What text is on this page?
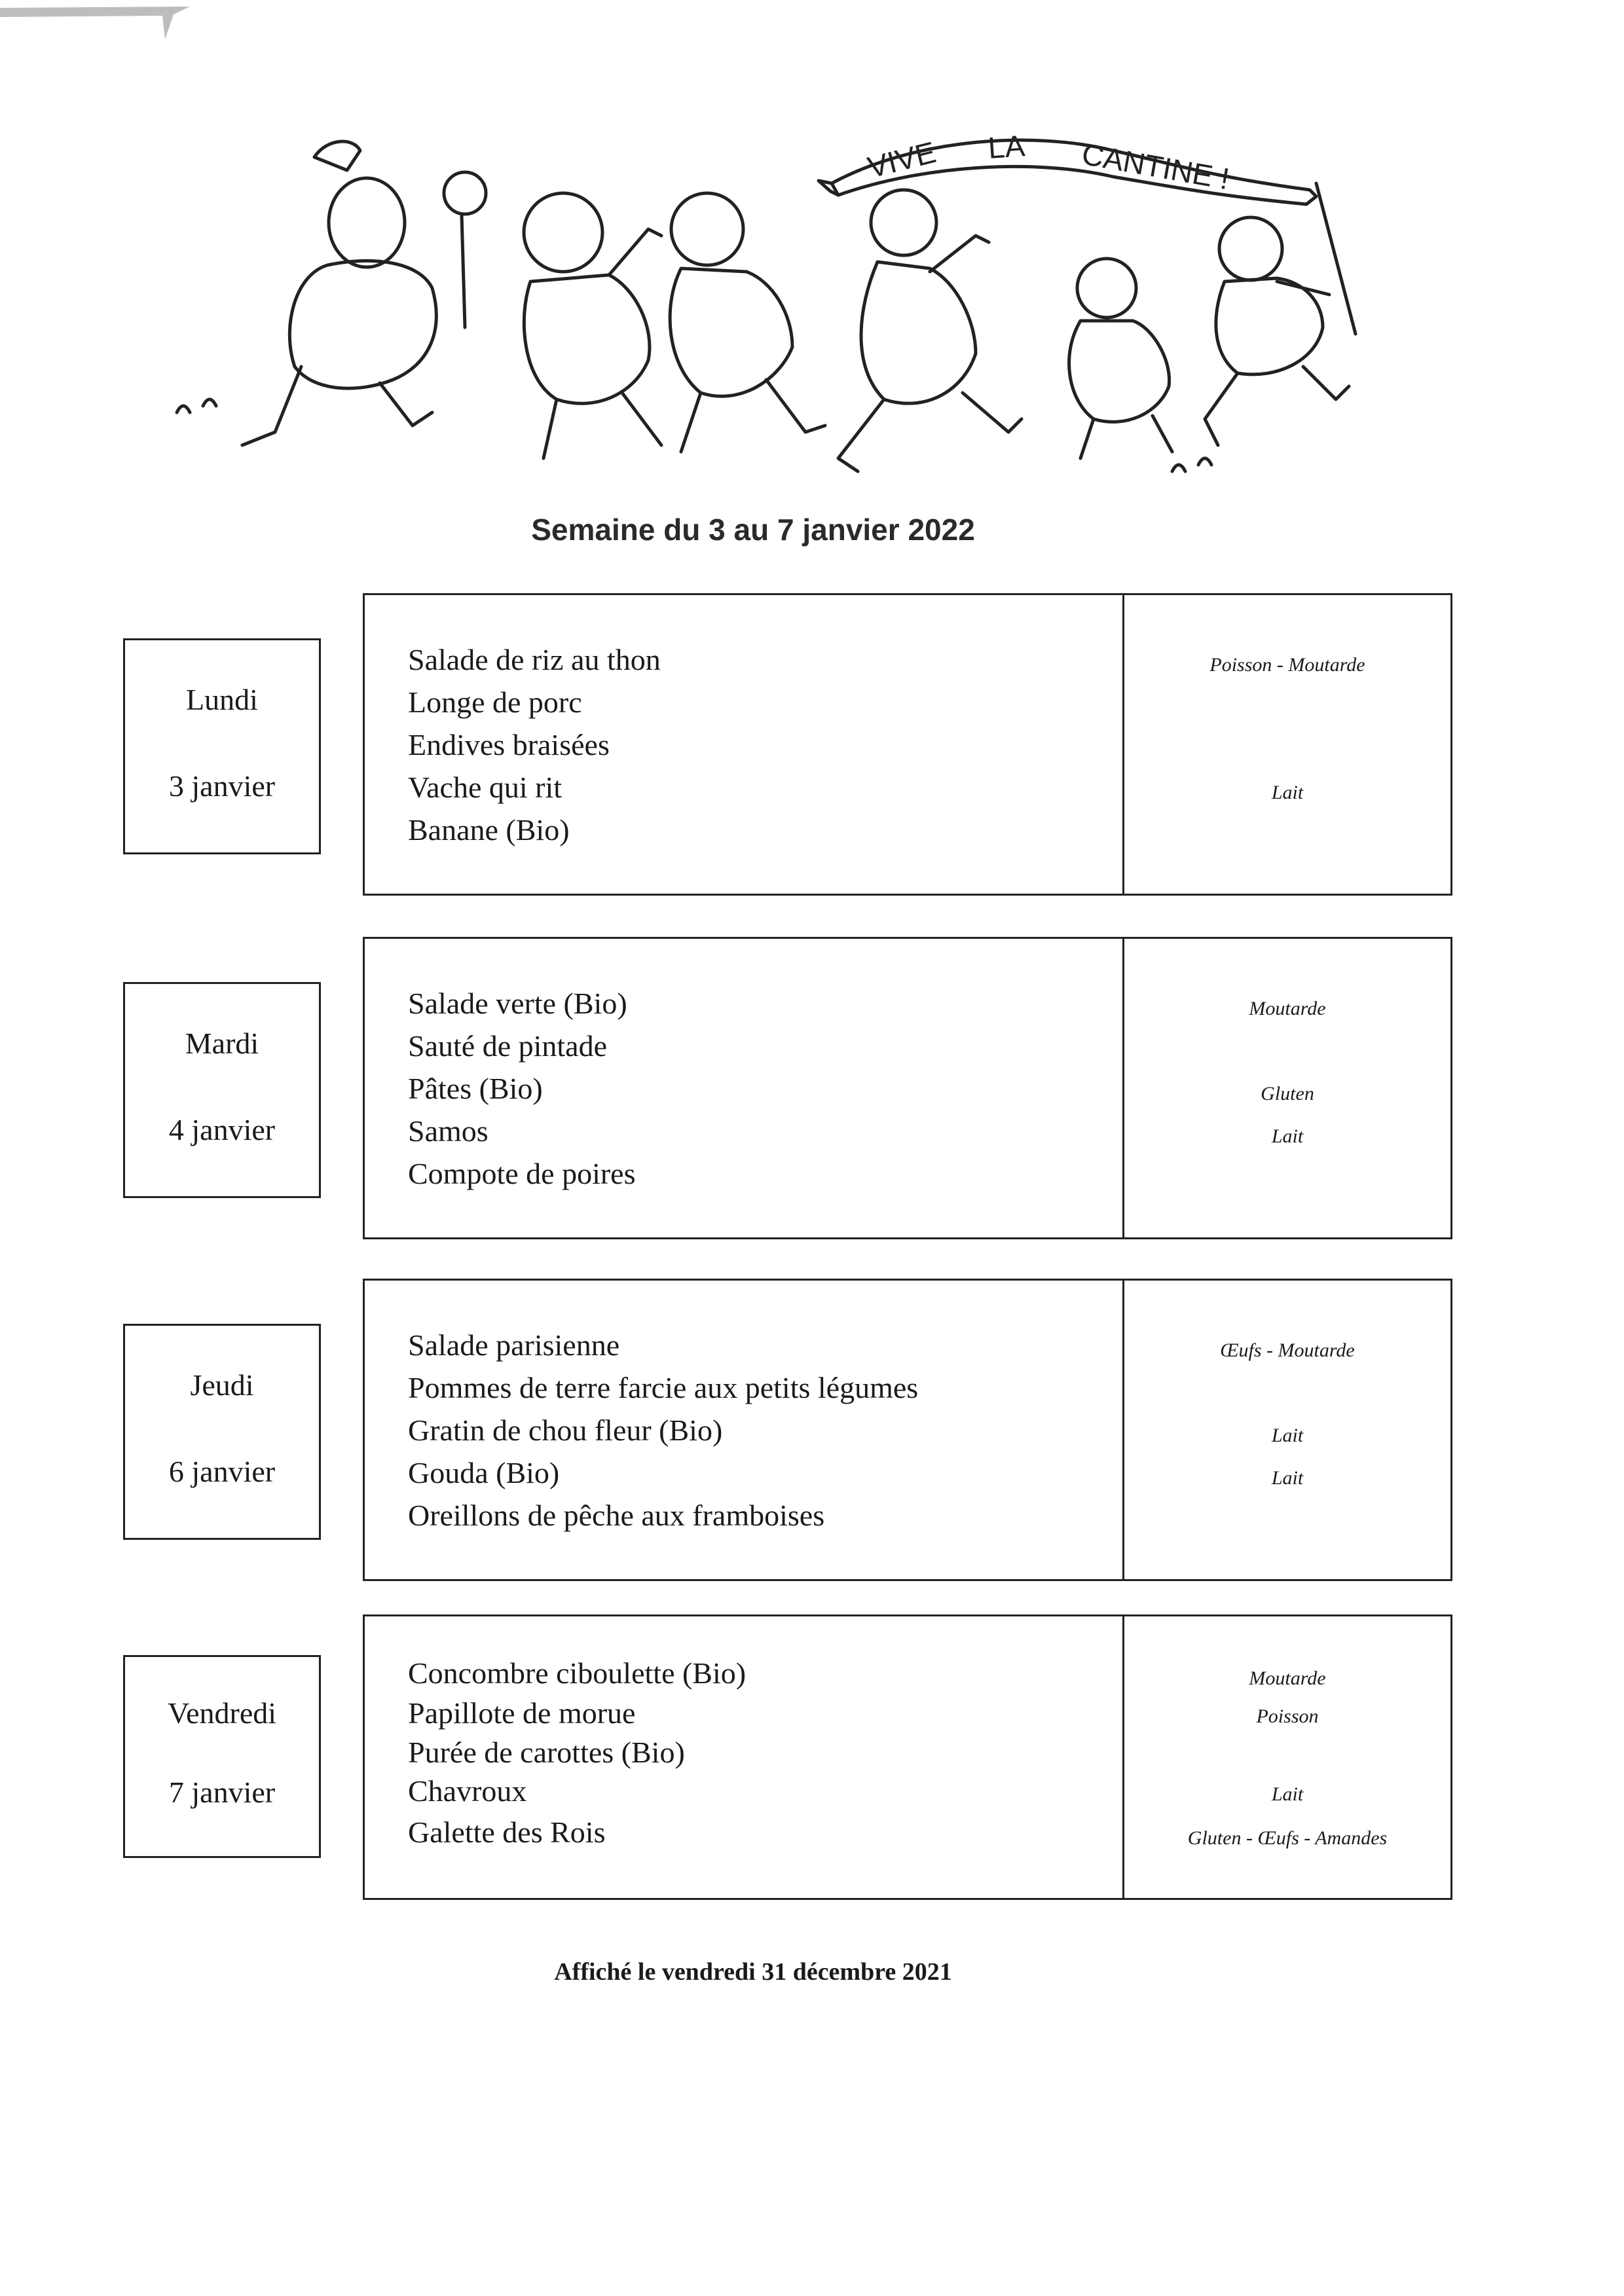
VIVE LA CANTINE !
Semaine du 3 au 7 janvier 2022
Lundi
3 janvier
Salade de riz au thon
Longe de porc
Endives braisées
Vache qui rit
Banane (Bio)
Poisson - Moutarde
Lait
Mardi
4 janvier
Salade verte (Bio)
Sauté de pintade
Pâtes (Bio)
Samos
Compote de poires
Moutarde
Gluten
Lait
Jeudi
6 janvier
Salade parisienne
Pommes de terre farcie aux petits légumes
Gratin de chou fleur (Bio)
Gouda (Bio)
Oreillons de pêche aux framboises
Œufs - Moutarde
Lait
Lait
Vendredi
7 janvier
Concombre ciboulette (Bio)
Papillote de morue
Purée de carottes (Bio)
Chavroux
Galette des Rois
Moutarde
Poisson
Lait
Gluten - Œufs - Amandes
Affiché le vendredi 31 décembre 2021
